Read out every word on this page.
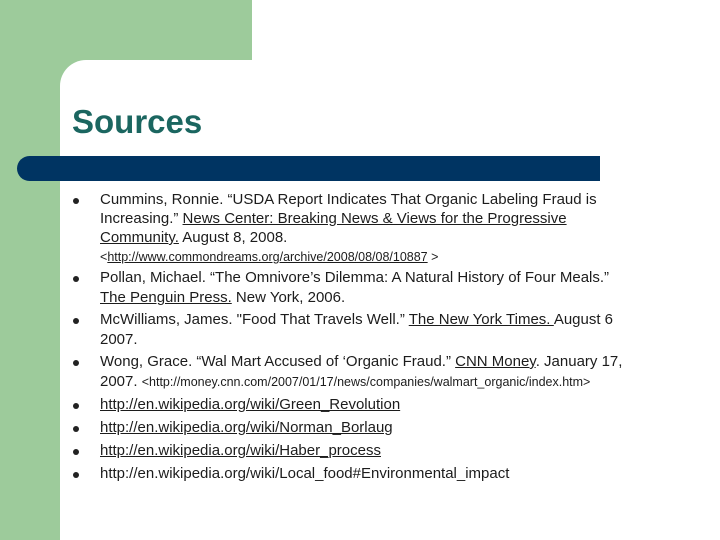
Sources
Cummins, Ronnie. “USDA Report Indicates That Organic Labeling Fraud is
Increasing.” News Center: Breaking News & Views for the Progressive
Community. August 8, 2008.
<http://www.commondreams.org/archive/2008/08/08/10887 >
Pollan, Michael. “The Omnivore’s Dilemma: A Natural History of Four Meals.”
The Penguin Press. New York, 2006.
McWilliams, James. "Food That Travels Well.” The New York Times. August 6
2007.
Wong, Grace. “Wal Mart Accused of ‘Organic Fraud.” CNN Money. January 17,
2007. <http://money.cnn.com/2007/01/17/news/companies/walmart_organic/index.htm>
http://en.wikipedia.org/wiki/Green_Revolution
http://en.wikipedia.org/wiki/Norman_Borlaug
http://en.wikipedia.org/wiki/Haber_process
http://en.wikipedia.org/wiki/Local_food#Environmental_impact
